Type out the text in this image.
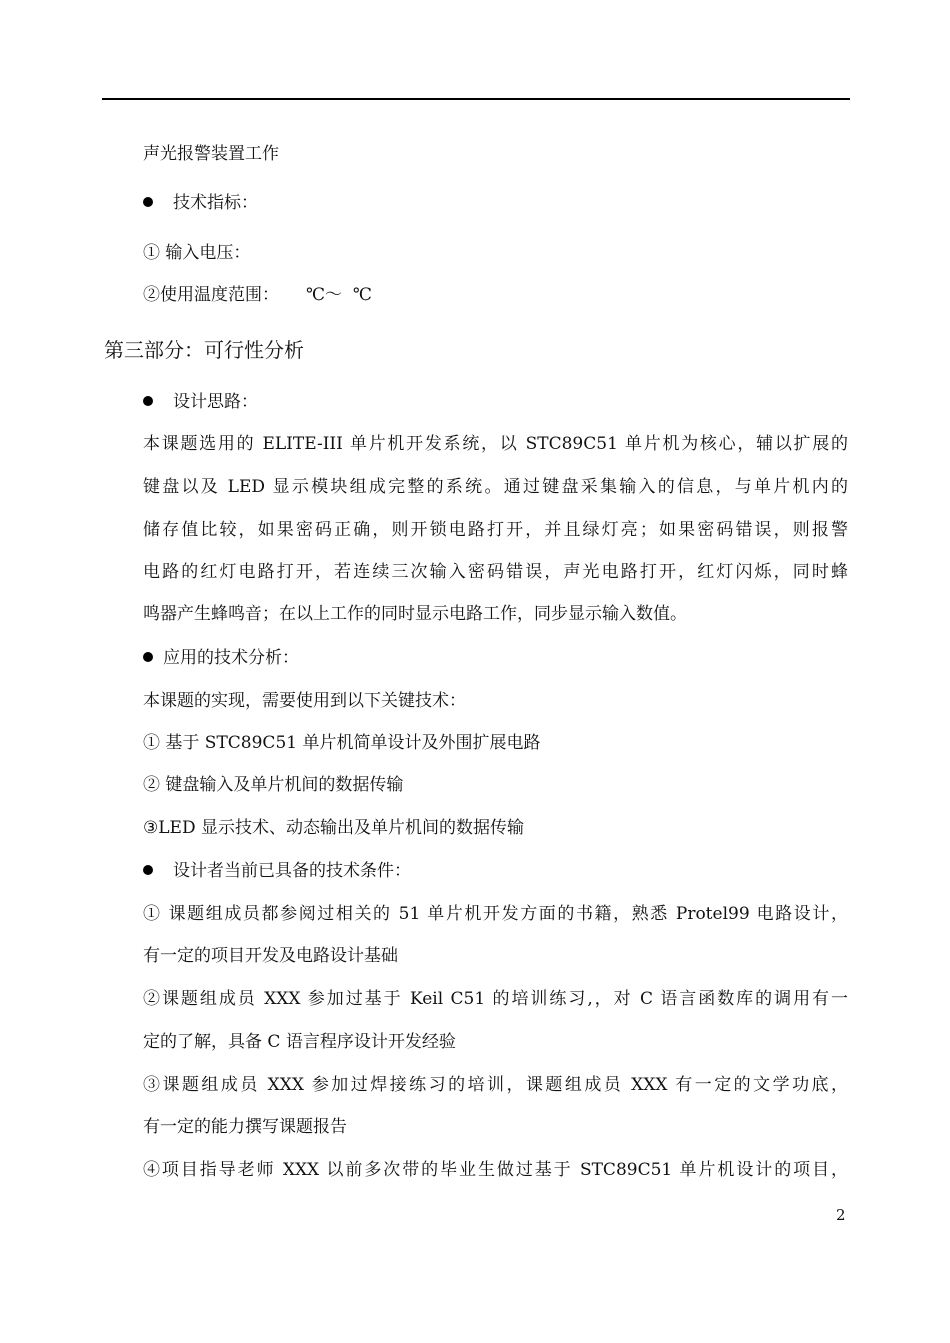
声光报警装置工作
技术指标：
① 输入电压：
②使用温度范围：     ℃～  ℃
第三部分：可行性分析
设计思路：
本课题选用的 ELITE-III 单片机开发系统，以 STC89C51 单片机为核心，辅以扩展的
键盘以及 LED 显示模块组成完整的系统。通过键盘采集输入的信息，与单片机内的
储存值比较，如果密码正确，则开锁电路打开，并且绿灯亮；如果密码错误，则报警
电路的红灯电路打开，若连续三次输入密码错误，声光电路打开，红灯闪烁，同时蜂
鸣器产生蜂鸣音；在以上工作的同时显示电路工作，同步显示输入数值。
应用的技术分析：
本课题的实现，需要使用到以下关键技术：
① 基于 STC89C51 单片机简单设计及外围扩展电路
② 键盘输入及单片机间的数据传输
③LED 显示技术、动态输出及单片机间的数据传输
设计者当前已具备的技术条件：
① 课题组成员都参阅过相关的 51 单片机开发方面的书籍，熟悉 Protel99 电路设计，
有一定的项目开发及电路设计基础
②课题组成员 XXX 参加过基于 Keil C51 的培训练习,，对 C 语言函数库的调用有一
定的了解，具备 C 语言程序设计开发经验
③课题组成员 XXX 参加过焊接练习的培训，课题组成员 XXX 有一定的文学功底，
有一定的能力撰写课题报告
④项目指导老师 XXX 以前多次带的毕业生做过基于 STC89C51 单片机设计的项目，
2
